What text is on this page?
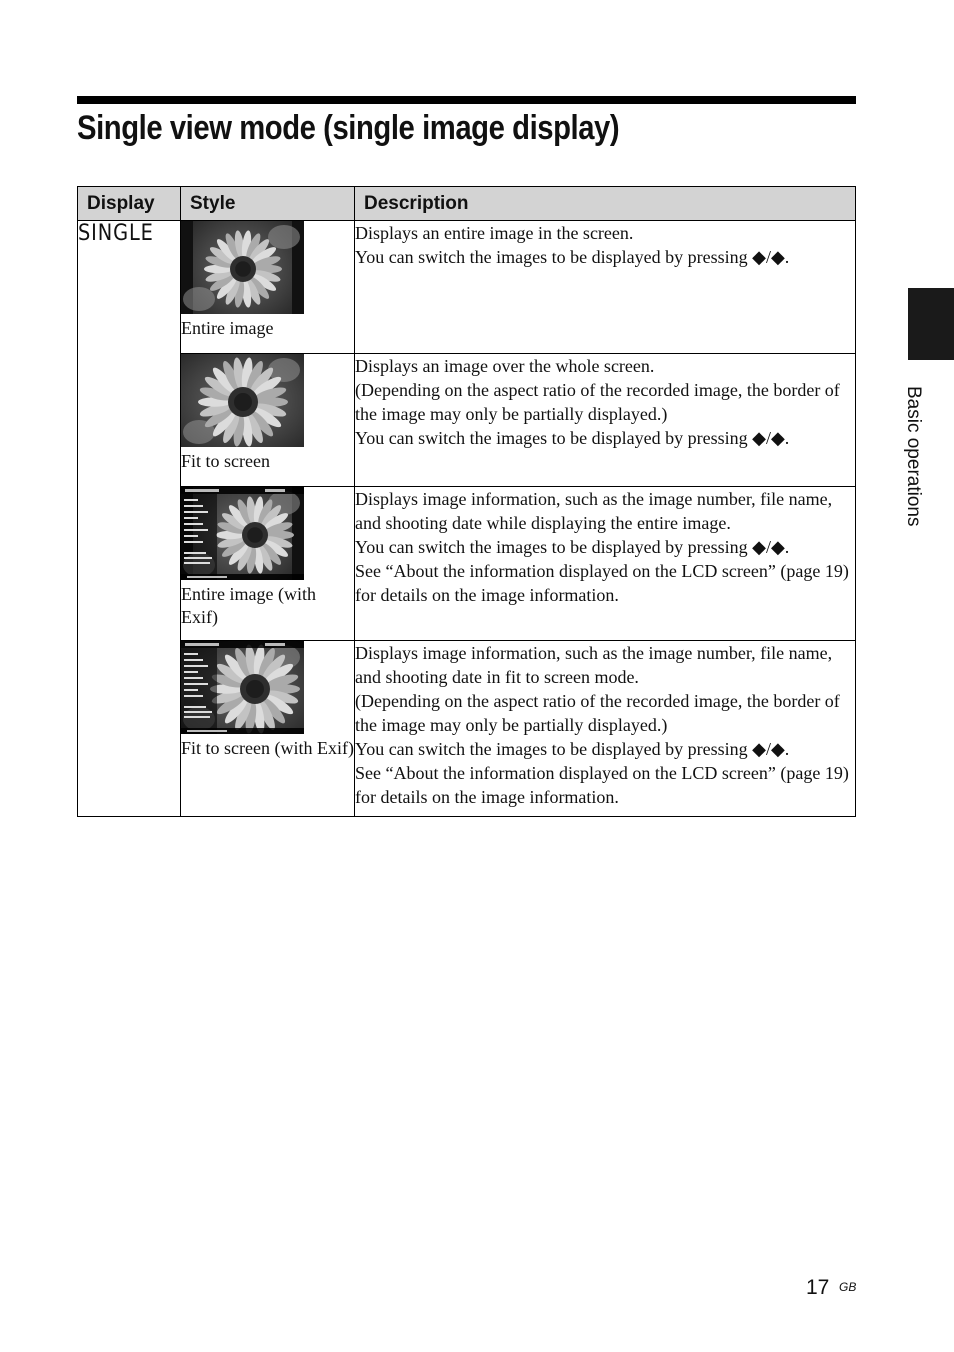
Single view mode (single image display)
Display	Style	Description
SINGLE	Entire image	Displays an entire image in the screen.
You can switch the images to be displayed by pressing ◆/◆.

	Fit to screen	Displays an image over the whole screen.
(Depending on the aspect ratio of the recorded image, the border of the image may only be partially displayed.)
You can switch the images to be displayed by pressing ◆/◆.

	Entire image (with Exif)	Displays image information, such as the image number, file name, and shooting date while displaying the entire image.
You can switch the images to be displayed by pressing ◆/◆.
See “About the information displayed on the LCD screen” (page 19) for details on the image information.

	Fit to screen (with Exif)	Displays image information, such as the image number, file name, and shooting date in fit to screen mode.
(Depending on the aspect ratio of the recorded image, the border of the image may only be partially displayed.)
You can switch the images to be displayed by pressing ◆/◆.
See “About the information displayed on the LCD screen” (page 19) for details on the image information.
Basic operations
17 GB
